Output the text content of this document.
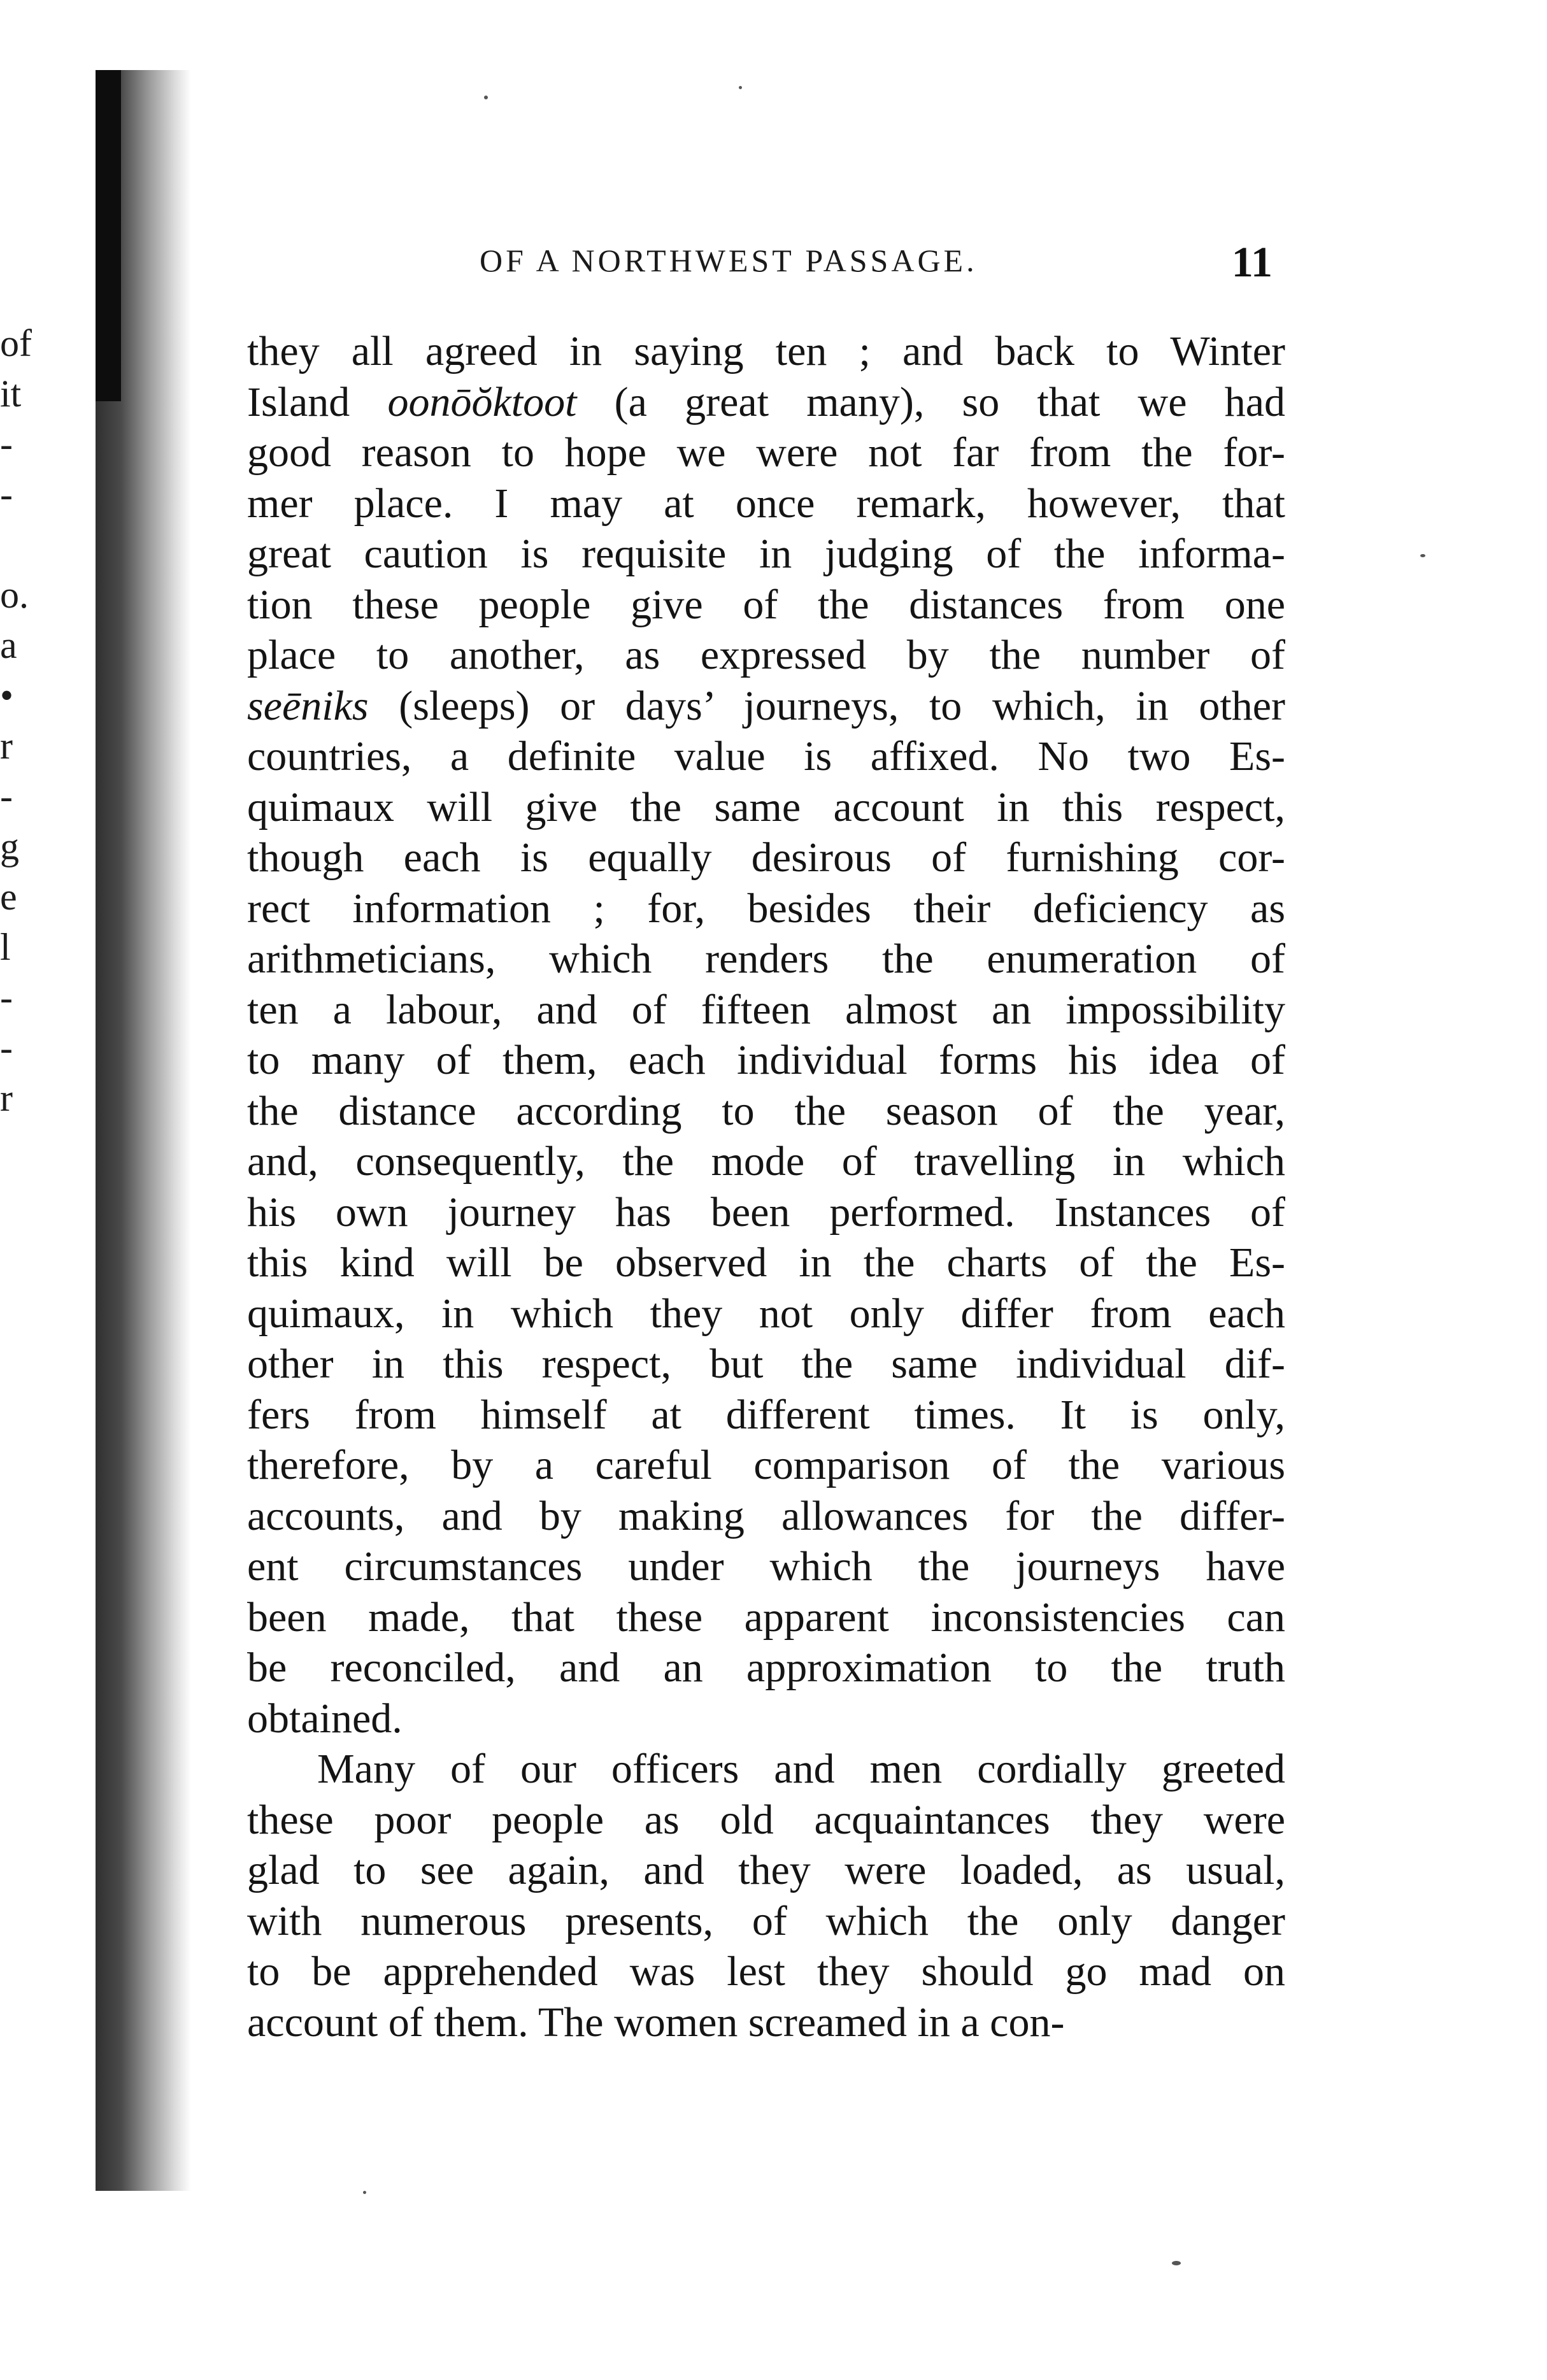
of
it
-
-
o.
a
•
r
-
g
e
l
-
-
r
OF A NORTHWEST PASSAGE.	11

they all agreed in saying ten ; and back to Winter
Island oonōŏktoot (a great many), so that we had
good reason to hope we were not far from the for-
mer place. I may at once remark, however, that
great caution is requisite in judging of the informa-
tion these people give of the distances from one
place to another, as expressed by the number of
seēniks (sleeps) or days’ journeys, to which, in other
countries, a definite value is affixed. No two Es-
quimaux will give the same account in this respect,
though each is equally desirous of furnishing cor-
rect information ; for, besides their deficiency as
arithmeticians, which renders the enumeration of
ten a labour, and of fifteen almost an impossibility
to many of them, each individual forms his idea of
the distance according to the season of the year,
and, consequently, the mode of travelling in which
his own journey has been performed. Instances of
this kind will be observed in the charts of the Es-
quimaux, in which they not only differ from each
other in this respect, but the same individual dif-
fers from himself at different times. It is only,
therefore, by a careful comparison of the various
accounts, and by making allowances for the differ-
ent circumstances under which the journeys have
been made, that these apparent inconsistencies can
be reconciled, and an approximation to the truth
obtained.

Many of our officers and men cordially greeted
these poor people as old acquaintances they were
glad to see again, and they were loaded, as usual,
with numerous presents, of which the only danger
to be apprehended was lest they should go mad on
account of them. The women screamed in a con-
